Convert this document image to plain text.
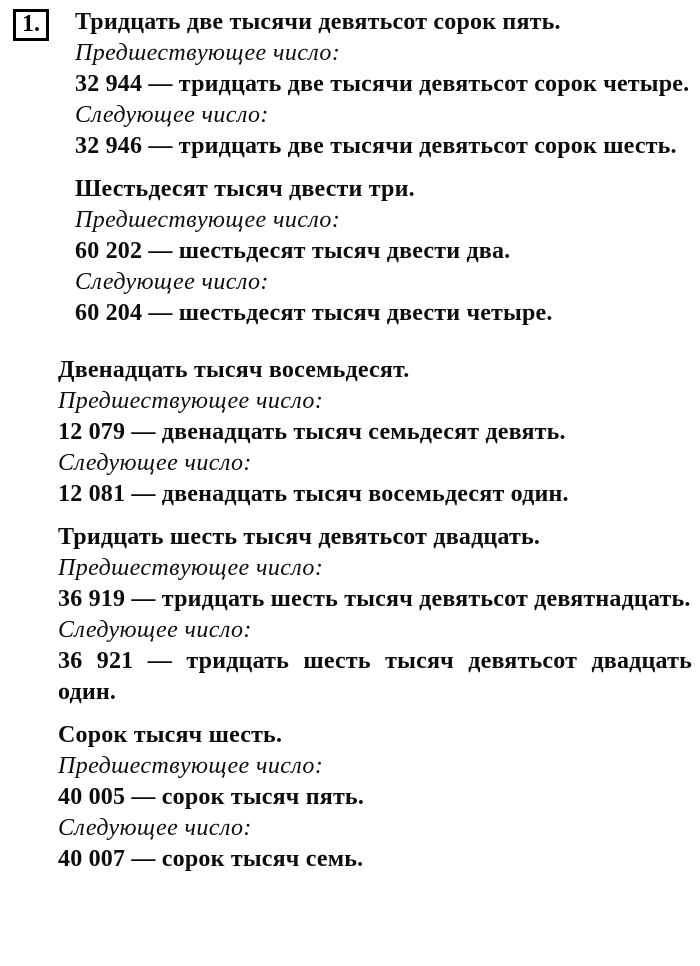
1.	Тридцать две тысячи девятьсот сорок пять.

Предшествующее число:

32 944 — тридцать две тысячи девятьсот сорок четыре.

Следующее число:

32 946 — тридцать две тысячи девятьсот сорок шесть.

Шестьдесят тысяч двести три.

Предшествующее число:

60 202 — шестьдесят тысяч двести два.

Следующее число:

60 204 — шестьдесят тысяч двести четыре.

Двенадцать тысяч восемьдесят.

Предшествующее число:

12 079 — двенадцать тысяч семьдесят девять.

Следующее число:

12 081 — двенадцать тысяч восемьдесят один.

Тридцать шесть тысяч девятьсот двадцать.

Предшествующее число:

36 919 — тридцать шесть тысяч девятьсот девятнадцать.

Следующее число:

36 921 — тридцать шесть тысяч девятьсот двадцать один.

Сорок тысяч шесть.

Предшествующее число:

40 005 — сорок тысяч пять.

Следующее число:

40 007 — сорок тысяч семь.
